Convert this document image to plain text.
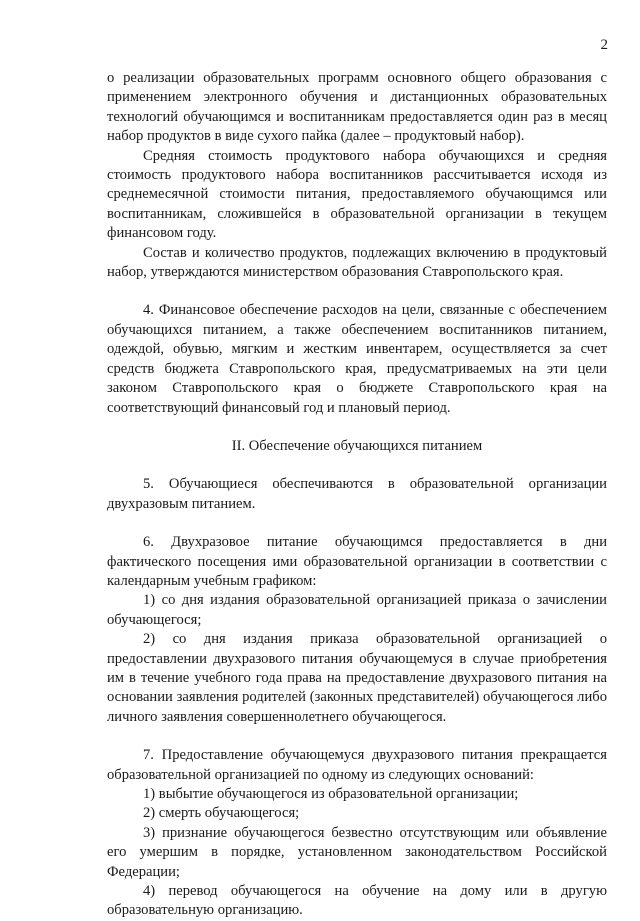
2

о реализации образовательных программ основного общего образования с применением электронного обучения и дистанционных образовательных технологий обучающимся и воспитанникам предоставляется один раз в месяц набор продуктов в виде сухого пайка (далее – продуктовый набор).

Средняя стоимость продуктового набора обучающихся и средняя стоимость продуктового набора воспитанников рассчитывается исходя из среднемесячной стоимости питания, предоставляемого обучающимся или воспитанникам, сложившейся в образовательной организации в текущем финансовом году.

Состав и количество продуктов, подлежащих включению в продуктовый набор, утверждаются министерством образования Ставропольского края.

4. Финансовое обеспечение расходов на цели, связанные с обеспечением обучающихся питанием, а также обеспечением воспитанников питанием, одеждой, обувью, мягким и жестким инвентарем, осуществляется за счет средств бюджета Ставропольского края, предусматриваемых на эти цели законом Ставропольского края о бюджете Ставропольского края на соответствующий финансовый год и плановый период.

II. Обеспечение обучающихся питанием

5. Обучающиеся обеспечиваются в образовательной организации двухразовым питанием.

6. Двухразовое питание обучающимся предоставляется в дни фактического посещения ими образовательной организации в соответствии с календарным учебным графиком:

1) со дня издания образовательной организацией приказа о зачислении обучающегося;

2) со дня издания приказа образовательной организацией о предоставлении двухразового питания обучающемуся в случае приобретения им в течение учебного года права на предоставление двухразового питания на основании заявления родителей (законных представителей) обучающегося либо личного заявления совершеннолетнего обучающегося.

7. Предоставление обучающемуся двухразового питания прекращается образовательной организацией по одному из следующих оснований:

1) выбытие обучающегося из образовательной организации;

2) смерть обучающегося;

3) признание обучающегося безвестно отсутствующим или объявление его умершим в порядке, установленном законодательством Российской Федерации;

4) перевод обучающегося на обучение на дому или в другую образовательную организацию.
